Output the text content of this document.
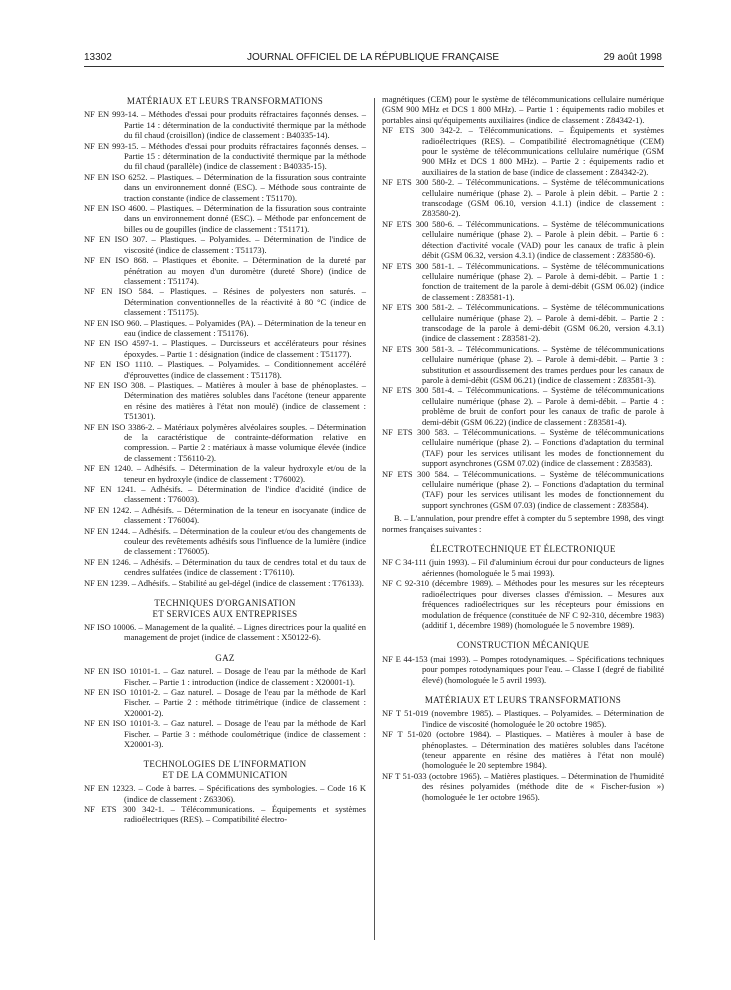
13302	JOURNAL OFFICIEL DE LA RÉPUBLIQUE FRANÇAISE	29 août 1998
MATÉRIAUX ET LEURS TRANSFORMATIONS

NF EN 993-14. – Méthodes d'essai pour produits réfractaires façonnés denses. – Partie 14 : détermination de la conductivité thermique par la méthode du fil chaud (croisillon) (indice de classement : B40335-14).

NF EN 993-15. – Méthodes d'essai pour produits réfractaires façonnés denses. – Partie 15 : détermination de la conductivité thermique par la méthode du fil chaud (parallèle) (indice de classement : B40335-15).

NF EN ISO 6252. – Plastiques. – Détermination de la fissuration sous contrainte dans un environnement donné (ESC). – Méthode sous contrainte de traction constante (indice de classement : T51170).

NF EN ISO 4600. – Plastiques. – Détermination de la fissuration sous contrainte dans un environnement donné (ESC). – Méthode par enfoncement de billes ou de goupilles (indice de classement : T51171).

NF EN ISO 307. – Plastiques. – Polyamides. – Détermination de l'indice de viscosité (indice de classement : T51173).

NF EN ISO 868. – Plastiques et ébonite. – Détermination de la dureté par pénétration au moyen d'un duromètre (dureté Shore) (indice de classement : T51174).

NF EN ISO 584. – Plastiques. – Résines de polyesters non saturés. – Détermination conventionnelles de la réactivité à 80 °C (indice de classement : T51175).

NF EN ISO 960. – Plastiques. – Polyamides (PA). – Détermination de la teneur en eau (indice de classement : T51176).

NF EN ISO 4597-1. – Plastiques. – Durcisseurs et accélérateurs pour résines époxydes. – Partie 1 : désignation (indice de classement : T51177).

NF EN ISO 1110. – Plastiques. – Polyamides. – Conditionnement accéléré d'éprouvettes (indice de classement : T51178).

NF EN ISO 308. – Plastiques. – Matières à mouler à base de phénoplastes. – Détermination des matières solubles dans l'acétone (teneur apparente en résine des matières à l'état non moulé) (indice de classement : T51301).

NF EN ISO 3386-2. – Matériaux polymères alvéolaires souples. – Détermination de la caractéristique de contrainte-déformation relative en compression. – Partie 2 : matériaux à masse volumique élevée (indice de classement : T56110-2).

NF EN 1240. – Adhésifs. – Détermination de la valeur hydroxyle et/ou de la teneur en hydroxyle (indice de classement : T76002).

NF EN 1241. – Adhésifs. – Détermination de l'indice d'acidité (indice de classement : T76003).

NF EN 1242. – Adhésifs. – Détermination de la teneur en isocyanate (indice de classement : T76004).

NF EN 1244. – Adhésifs. – Détermination de la couleur et/ou des changements de couleur des revêtements adhésifs sous l'influence de la lumière (indice de classement : T76005).

NF EN 1246. – Adhésifs. – Détermination du taux de cendres total et du taux de cendres sulfatées (indice de classement : T76110).

NF EN 1239. – Adhésifs. – Stabilité au gel-dégel (indice de classement : T76133).

TECHNIQUES D'ORGANISATION
ET SERVICES AUX ENTREPRISES

NF ISO 10006. – Management de la qualité. – Lignes directrices pour la qualité en management de projet (indice de classement : X50122-6).

GAZ

NF EN ISO 10101-1. – Gaz naturel. – Dosage de l'eau par la méthode de Karl Fischer. – Partie 1 : introduction (indice de classement : X20001-1).

NF EN ISO 10101-2. – Gaz naturel. – Dosage de l'eau par la méthode de Karl Fischer. – Partie 2 : méthode titrimétrique (indice de classement : X20001-2).

NF EN ISO 10101-3. – Gaz naturel. – Dosage de l'eau par la méthode de Karl Fischer. – Partie 3 : méthode coulométrique (indice de classement : X20001-3).

TECHNOLOGIES DE L'INFORMATION
ET DE LA COMMUNICATION

NF EN 12323. – Code à barres. – Spécifications des symbologies. – Code 16 K (indice de classement : Z63306).

NF ETS 300 342-1. – Télécommunications. – Équipements et systèmes radioélectriques (RES). – Compatibilité électro-

magnétiques (CEM) pour le système de télécommunications cellulaire numérique (GSM 900 MHz et DCS 1 800 MHz). – Partie 1 : équipements radio mobiles et portables ainsi qu'équipements auxiliaires (indice de classement : Z84342-1).

NF ETS 300 342-2. – Télécommunications. – Équipements et systèmes radioélectriques (RES). – Compatibilité électromagnétique (CEM) pour le système de télécommunications cellulaire numérique (GSM 900 MHz et DCS 1 800 MHz). – Partie 2 : équipements radio et auxiliaires de la station de base (indice de classement : Z84342-2).

NF ETS 300 580-2. – Télécommunications. – Système de télécommunications cellulaire numérique (phase 2). – Parole à plein débit. – Partie 2 : transcodage (GSM 06.10, version 4.1.1) (indice de classement : Z83580-2).

NF ETS 300 580-6. – Télécommunications. – Système de télécommunications cellulaire numérique (phase 2). – Parole à plein débit. – Partie 6 : détection d'activité vocale (VAD) pour les canaux de trafic à plein débit (GSM 06.32, version 4.3.1) (indice de classement : Z83580-6).

NF ETS 300 581-1. – Télécommunications. – Système de télécommunications cellulaire numérique (phase 2). – Parole à demi-débit. – Partie 1 : fonction de traitement de la parole à demi-débit (GSM 06.02) (indice de classement : Z83581-1).

NF ETS 300 581-2. – Télécommunications. – Système de télécommunications cellulaire numérique (phase 2). – Parole à demi-débit. – Partie 2 : transcodage de la parole à demi-débit (GSM 06.20, version 4.3.1) (indice de classement : Z83581-2).

NF ETS 300 581-3. – Télécommunications. – Système de télécommunications cellulaire numérique (phase 2). – Parole à demi-débit. – Partie 3 : substitution et assourdissement des trames perdues pour les canaux de parole à demi-débit (GSM 06.21) (indice de classement : Z83581-3).

NF ETS 300 581-4. – Télécommunications. – Système de télécommunications cellulaire numérique (phase 2). – Parole à demi-débit. – Partie 4 : problème de bruit de confort pour les canaux de trafic de parole à demi-débit (GSM 06.22) (indice de classement : Z83581-4).

NF ETS 300 583. – Télécommunications. – Système de télécommunications cellulaire numérique (phase 2). – Fonctions d'adaptation du terminal (TAF) pour les services utilisant les modes de fonctionnement du support asynchrones (GSM 07.02) (indice de classement : Z83583).

NF ETS 300 584. – Télécommunications. – Système de télécommunications cellulaire numérique (phase 2). – Fonctions d'adaptation du terminal (TAF) pour les services utilisant les modes de fonctionnement du support synchrones (GSM 07.03) (indice de classement : Z83584).

B. – L'annulation, pour prendre effet à compter du 5 septembre 1998, des vingt normes françaises suivantes :

ÉLECTROTECHNIQUE ET ÉLECTRONIQUE

NF C 34-111 (juin 1993). – Fil d'aluminium écroui dur pour conducteurs de lignes aériennes (homologuée le 5 mai 1993).

NF C 92-310 (décembre 1989). – Méthodes pour les mesures sur les récepteurs radioélectriques pour diverses classes d'émission. – Mesures aux fréquences radioélectriques sur les récepteurs pour émissions en modulation de fréquence (constituée de NF C 92-310, décembre 1983) (additif 1, décembre 1989) (homologuée le 5 novembre 1989).

CONSTRUCTION MÉCANIQUE

NF E 44-153 (mai 1993). – Pompes rotodynamiques. – Spécifications techniques pour pompes rotodynamiques pour l'eau. – Classe I (degré de fiabilité élevé) (homologuée le 5 avril 1993).

MATÉRIAUX ET LEURS TRANSFORMATIONS

NF T 51-019 (novembre 1985). – Plastiques. – Polyamides. – Détermination de l'indice de viscosité (homologuée le 20 octobre 1985).

NF T 51-020 (octobre 1984). – Plastiques. – Matières à mouler à base de phénoplastes. – Détermination des matières solubles dans l'acétone (teneur apparente en résine des matières à l'état non moulé) (homologuée le 20 septembre 1984).

NF T 51-033 (octobre 1965). – Matières plastiques. – Détermination de l'humidité des résines polyamides (méthode dite de « Fischer-fusion ») (homologuée le 1er octobre 1965).
